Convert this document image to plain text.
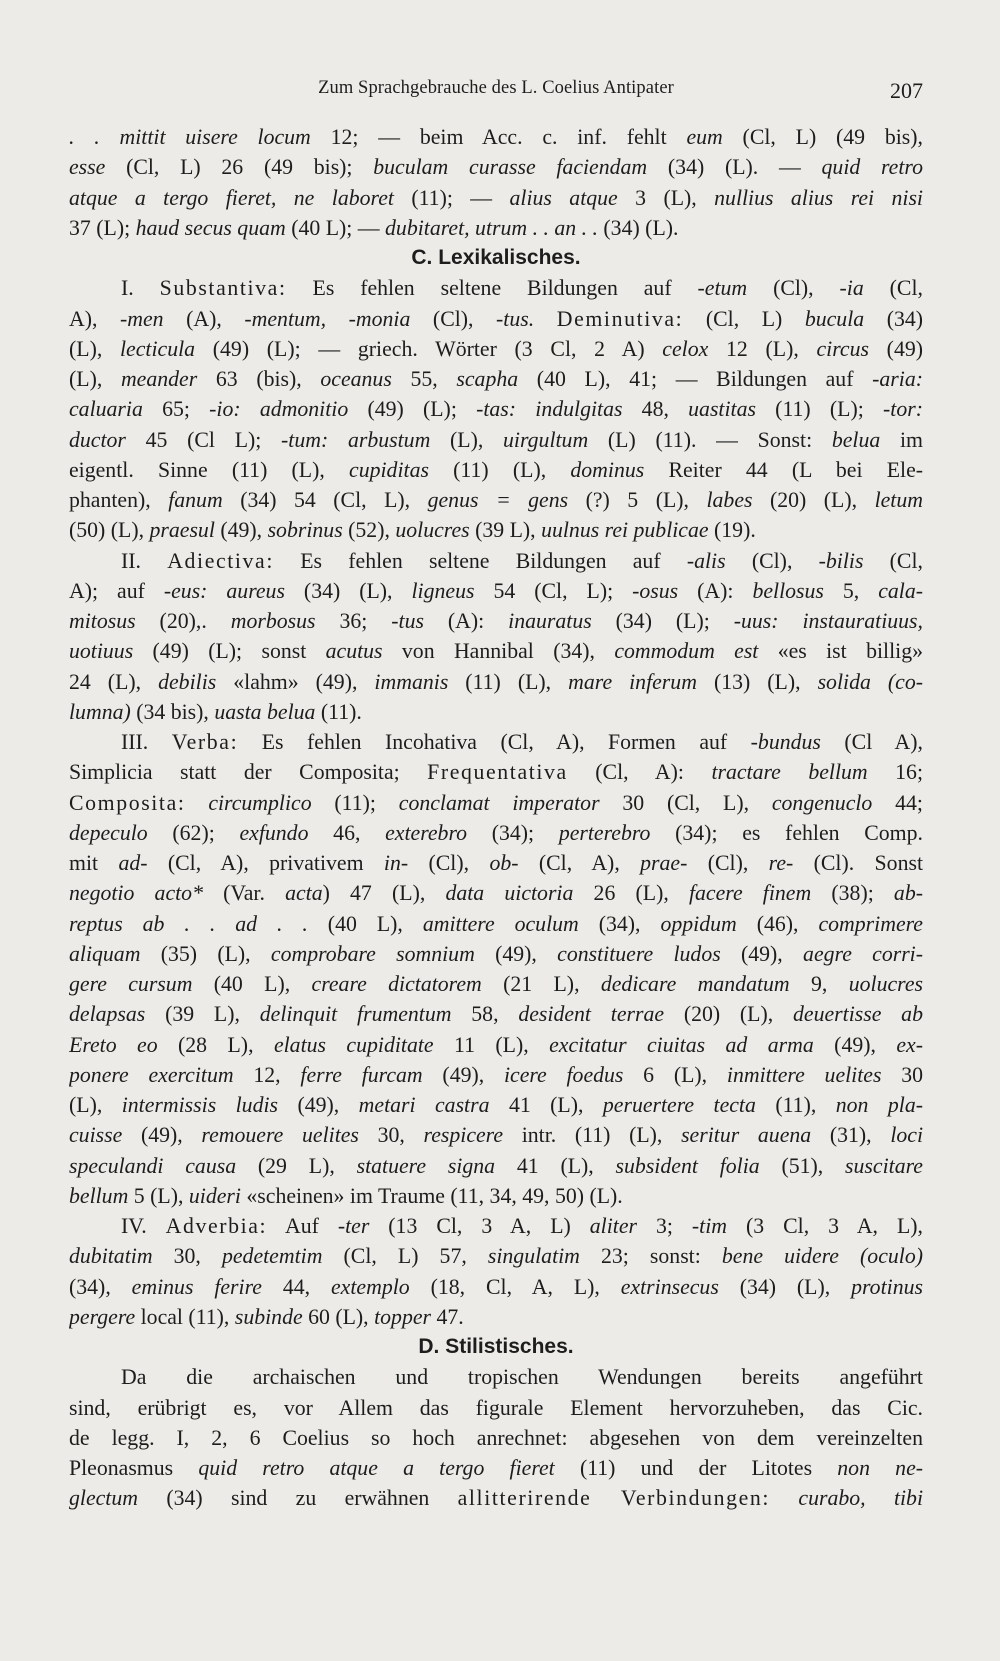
Zum Sprachgebrauche des L. Coelius Antipater	207
. . mittit uisere locum 12; — beim Acc. c. inf. fehlt eum (Cl, L) (49 bis),
esse (Cl, L) 26 (49 bis); buculam curasse faciendam (34) (L). — quid retro
atque a tergo fieret, ne laboret (11); — alius atque 3 (L), nullius alius rei nisi
37 (L); haud secus quam (40 L); — dubitaret, utrum . . an . . (34) (L).
C. Lexikalisches.
I. Substantiva: Es fehlen seltene Bildungen auf -etum (Cl), -ia (Cl,
A), -men (A), -mentum, -monia (Cl), -tus. Deminutiva: (Cl, L) bucula (34)
(L), lecticula (49) (L); — griech. Wörter (3 Cl, 2 A) celox 12 (L), circus (49)
(L), meander 63 (bis), oceanus 55, scapha (40 L), 41; — Bildungen auf -aria:
caluaria 65; -io: admonitio (49) (L); -tas: indulgitas 48, uastitas (11) (L); -tor:
ductor 45 (Cl L); -tum: arbustum (L), uirgultum (L) (11). — Sonst: belua im
eigentl. Sinne (11) (L), cupiditas (11) (L), dominus Reiter 44 (L bei Ele-
phanten), fanum (34) 54 (Cl, L), genus = gens (?) 5 (L), labes (20) (L), letum
(50) (L), praesul (49), sobrinus (52), uolucres (39 L), uulnus rei publicae (19).
II. Adiectiva: Es fehlen seltene Bildungen auf -alis (Cl), -bilis (Cl,
A); auf -eus: aureus (34) (L), ligneus 54 (Cl, L); -osus (A): bellosus 5, cala-
mitosus (20),. morbosus 36; -tus (A): inauratus (34) (L); -uus: instauratiuus,
uotiuus (49) (L); sonst acutus von Hannibal (34), commodum est «es ist billig»
24 (L), debilis «lahm» (49), immanis (11) (L), mare inferum (13) (L), solida (co-
lumna) (34 bis), uasta belua (11).
III. Verba: Es fehlen Incohativa (Cl, A), Formen auf -bundus (Cl A),
Simplicia statt der Composita; Frequentativa (Cl, A): tractare bellum 16;
Composita: circumplico (11); conclamat imperator 30 (Cl, L), congenuclo 44;
depeculo (62); exfundo 46, exterebro (34); perterebro (34); es fehlen Comp.
mit ad- (Cl, A), privativem in- (Cl), ob- (Cl, A), prae- (Cl), re- (Cl). Sonst
negotio acto* (Var. acta) 47 (L), data uictoria 26 (L), facere finem (38); ab-
reptus ab . . ad . . (40 L), amittere oculum (34), oppidum (46), comprimere
aliquam (35) (L), comprobare somnium (49), constituere ludos (49), aegre corri-
gere cursum (40 L), creare dictatorem (21 L), dedicare mandatum 9, uolucres
delapsas (39 L), delinquit frumentum 58, desident terrae (20) (L), deuertisse ab
Ereto eo (28 L), elatus cupiditate 11 (L), excitatur ciuitas ad arma (49), ex-
ponere exercitum 12, ferre furcam (49), icere foedus 6 (L), inmittere uelites 30
(L), intermissis ludis (49), metari castra 41 (L), peruertere tecta (11), non pla-
cuisse (49), remouere uelites 30, respicere intr. (11) (L), seritur auena (31), loci
speculandi causa (29 L), statuere signa 41 (L), subsident folia (51), suscitare
bellum 5 (L), uideri «scheinen» im Traume (11, 34, 49, 50) (L).
IV. Adverbia: Auf -ter (13 Cl, 3 A, L) aliter 3; -tim (3 Cl, 3 A, L),
dubitatim 30, pedetemtim (Cl, L) 57, singulatim 23; sonst: bene uidere (oculo)
(34), eminus ferire 44, extemplo (18, Cl, A, L), extrinsecus (34) (L), protinus
pergere local (11), subinde 60 (L), topper 47.
D. Stilistisches.
Da die archaischen und tropischen Wendungen bereits angeführt
sind, erübrigt es, vor Allem das figurale Element hervorzuheben, das Cic.
de legg. I, 2, 6 Coelius so hoch anrechnet: abgesehen von dem vereinzelten
Pleonasmus quid retro atque a tergo fieret (11) und der Litotes non ne-
glectum (34) sind zu erwähnen allitterirende Verbindungen: curabo, tibi
